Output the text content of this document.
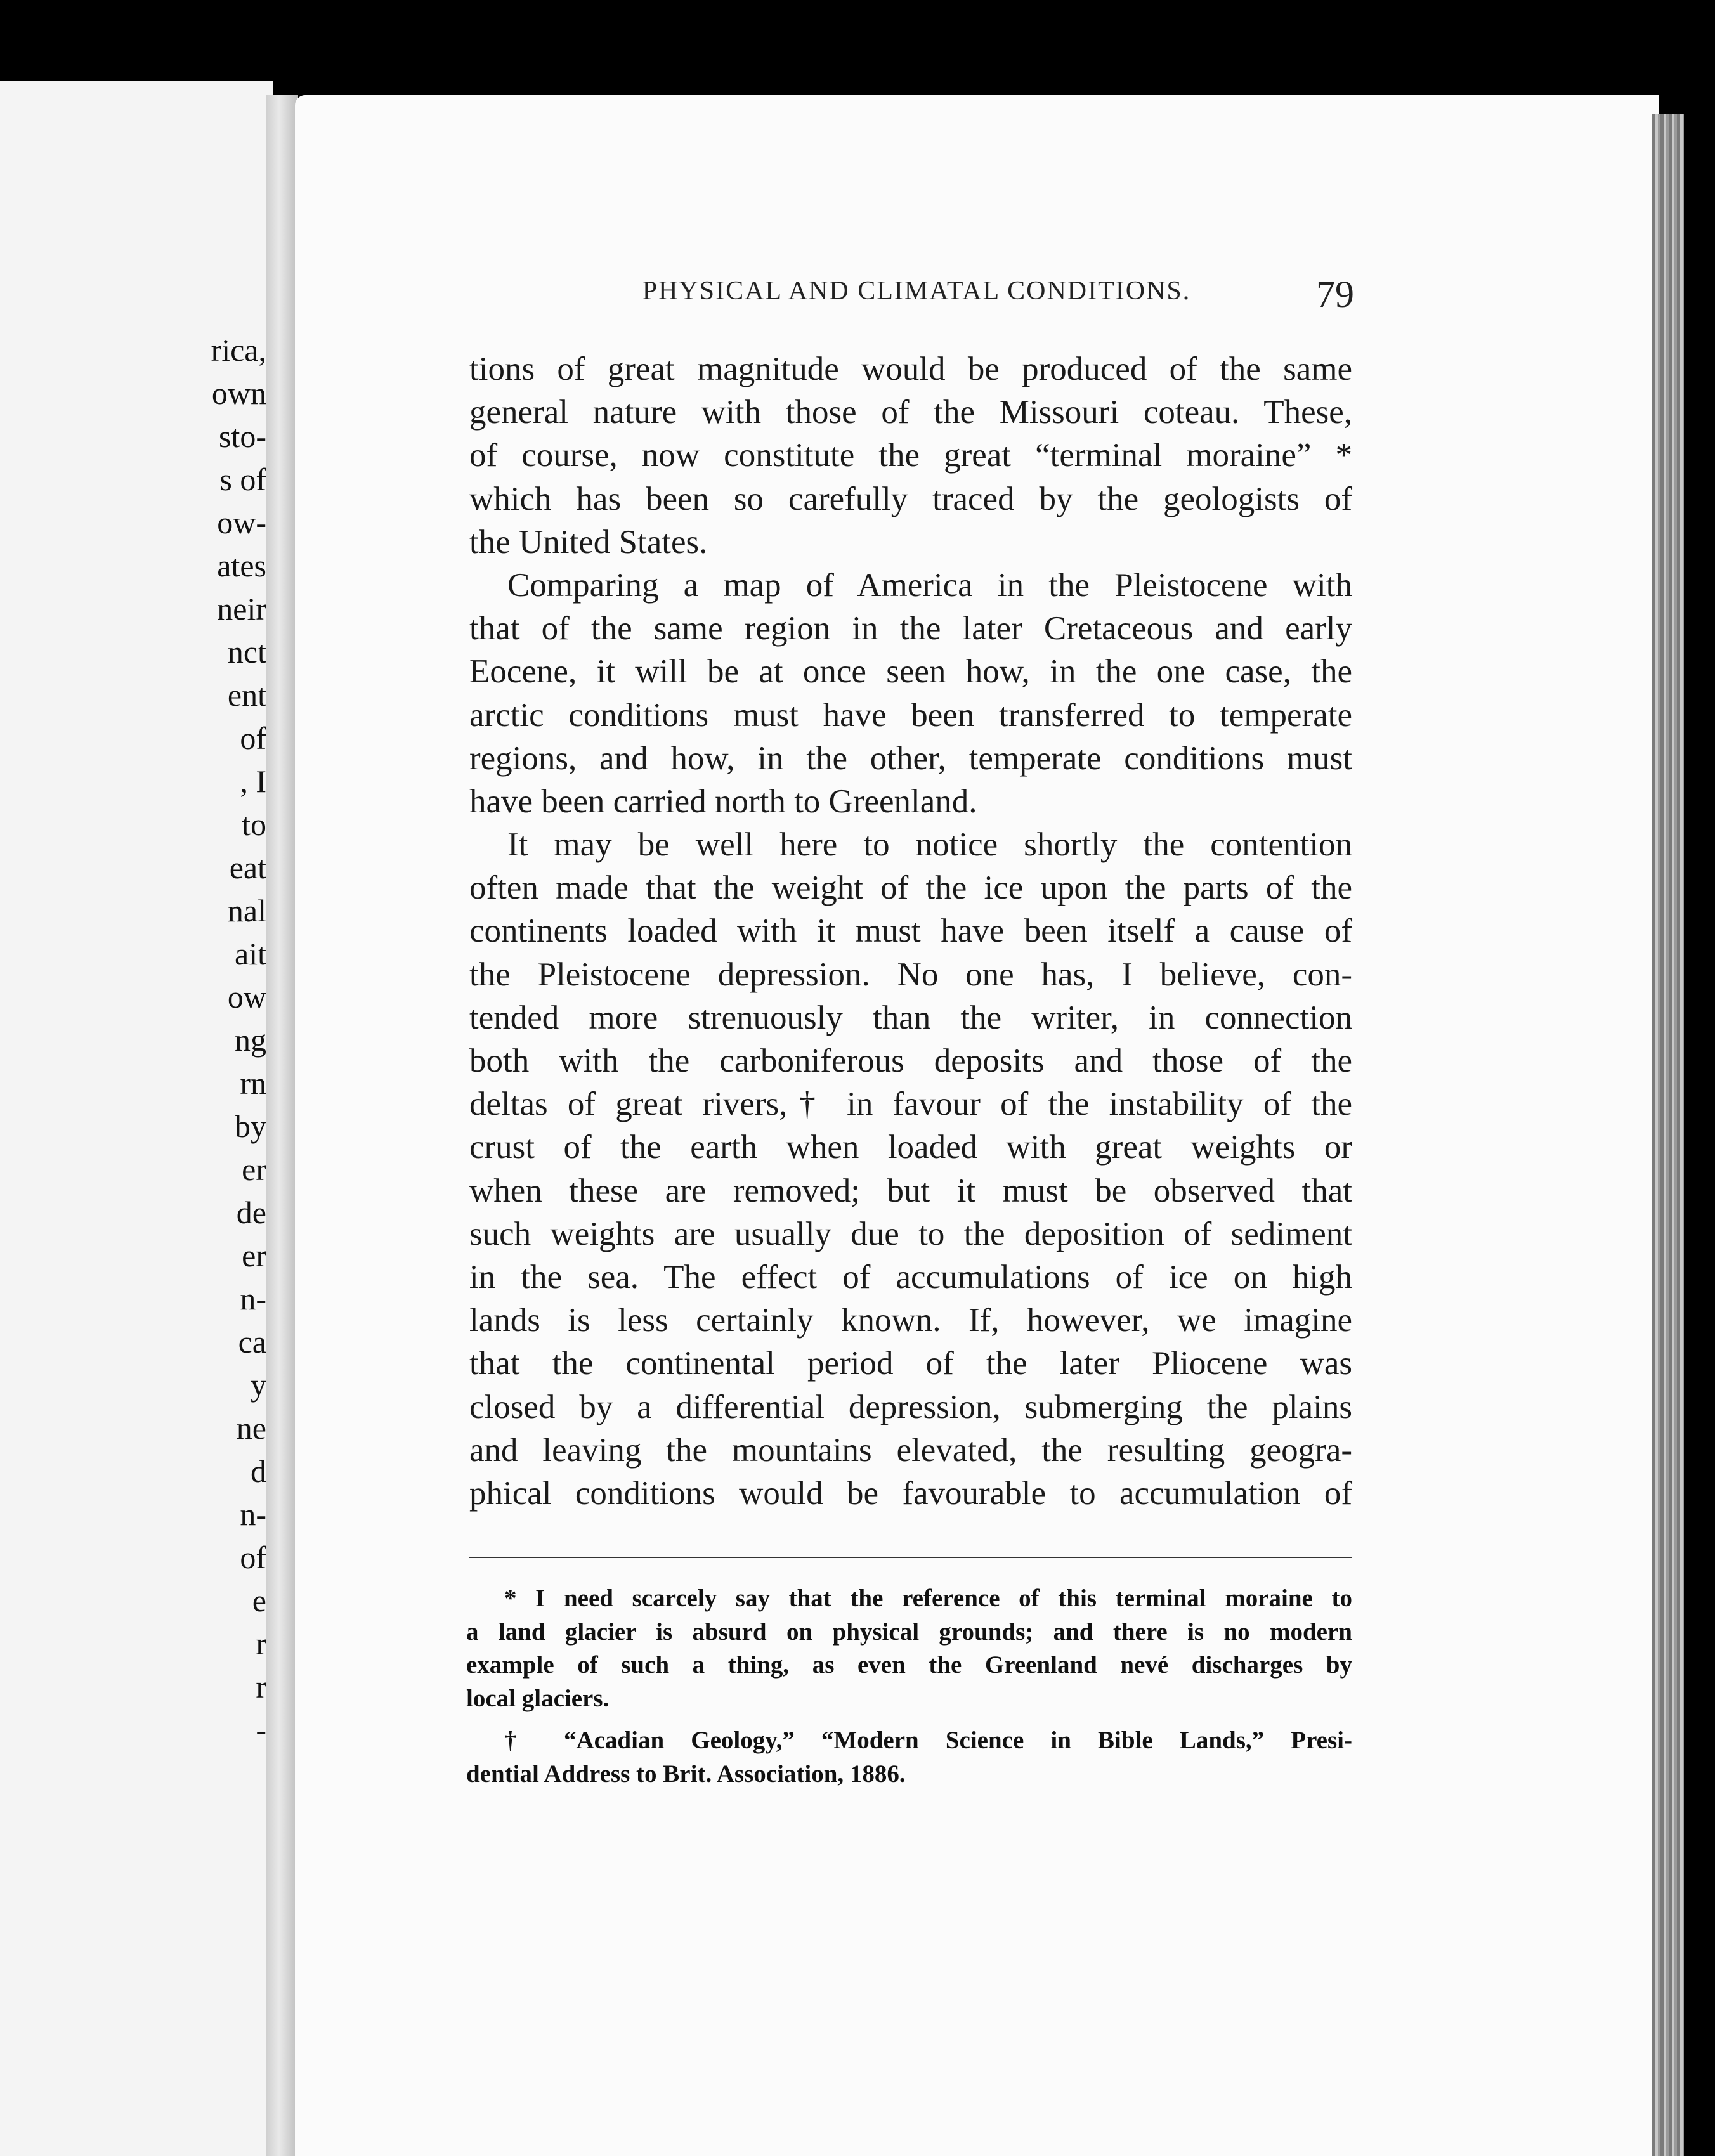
rica,
own
sto-
s of
ow-
ates
neir
nct
ent
of
, I
to
eat
nal
ait
ow
ng
rn
by
er
de
er
n-
ca
y
ne
d
n-
of
e
r
r
-
PHYSICAL AND CLIMATAL CONDITIONS.	79
tions of great magnitude would be produced of the same
general nature with those of the Missouri coteau. These,
of course, now constitute the great “terminal moraine” *
which has been so carefully traced by the geologists of
the United States.
Comparing a map of America in the Pleistocene with
that of the same region in the later Cretaceous and early
Eocene, it will be at once seen how, in the one case, the
arctic conditions must have been transferred to temperate
regions, and how, in the other, temperate conditions must
have been carried north to Greenland.
It may be well here to notice shortly the contention
often made that the weight of the ice upon the parts of the
continents loaded with it must have been itself a cause of
the Pleistocene depression. No one has, I believe, con-
tended more strenuously than the writer, in connection
both with the carboniferous deposits and those of the
deltas of great rivers,† in favour of the instability of the
crust of the earth when loaded with great weights or
when these are removed; but it must be observed that
such weights are usually due to the deposition of sediment
in the sea. The effect of accumulations of ice on high
lands is less certainly known. If, however, we imagine
that the continental period of the later Pliocene was
closed by a differential depression, submerging the plains
and leaving the mountains elevated, the resulting geogra-
phical conditions would be favourable to accumulation of
* I need scarcely say that the reference of this terminal moraine to
a land glacier is absurd on physical grounds; and there is no modern
example of such a thing, as even the Greenland nevé discharges by
local glaciers.
† “Acadian Geology,” “Modern Science in Bible Lands,” Presi-
dential Address to Brit. Association, 1886.
